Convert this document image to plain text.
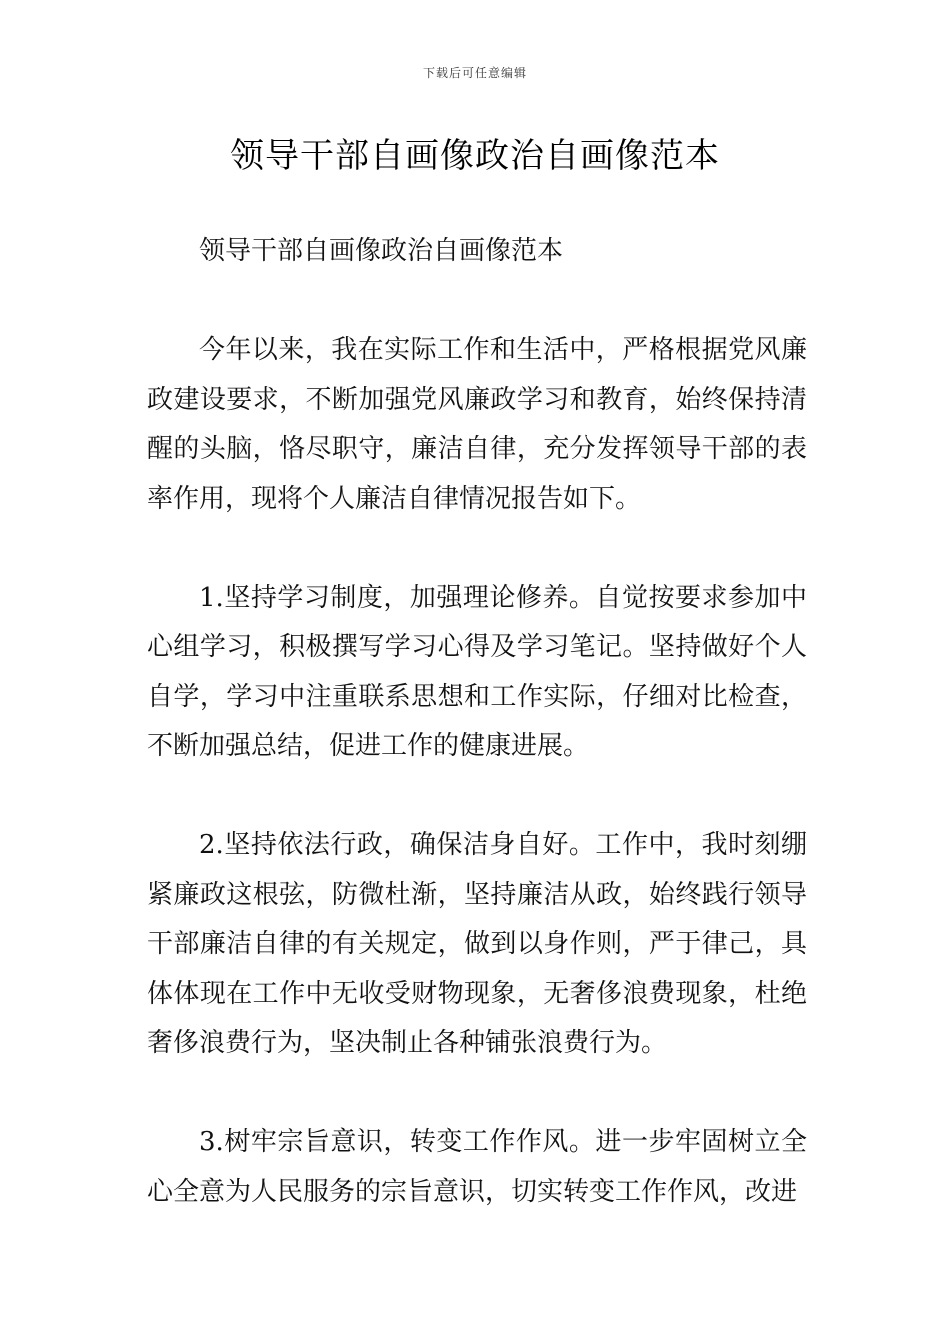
下载后可任意编辑
领导干部自画像政治自画像范本

领导干部自画像政治自画像范本

今年以来，我在实际工作和生活中，严格根据党风廉政建设要求，不断加强党风廉政学习和教育，始终保持清醒的头脑，恪尽职守，廉洁自律，充分发挥领导干部的表率作用，现将个人廉洁自律情况报告如下。

1.坚持学习制度，加强理论修养。自觉按要求参加中心组学习，积极撰写学习心得及学习笔记。坚持做好个人自学，学习中注重联系思想和工作实际，仔细对比检查，不断加强总结，促进工作的健康进展。

2.坚持依法行政，确保洁身自好。工作中，我时刻绷紧廉政这根弦，防微杜渐，坚持廉洁从政，始终践行领导干部廉洁自律的有关规定，做到以身作则，严于律己，具体体现在工作中无收受财物现象，无奢侈浪费现象，杜绝奢侈浪费行为，坚决制止各种铺张浪费行为。

3.树牢宗旨意识，转变工作作风。进一步牢固树立全心全意为人民服务的宗旨意识，切实转变工作作风，改进
